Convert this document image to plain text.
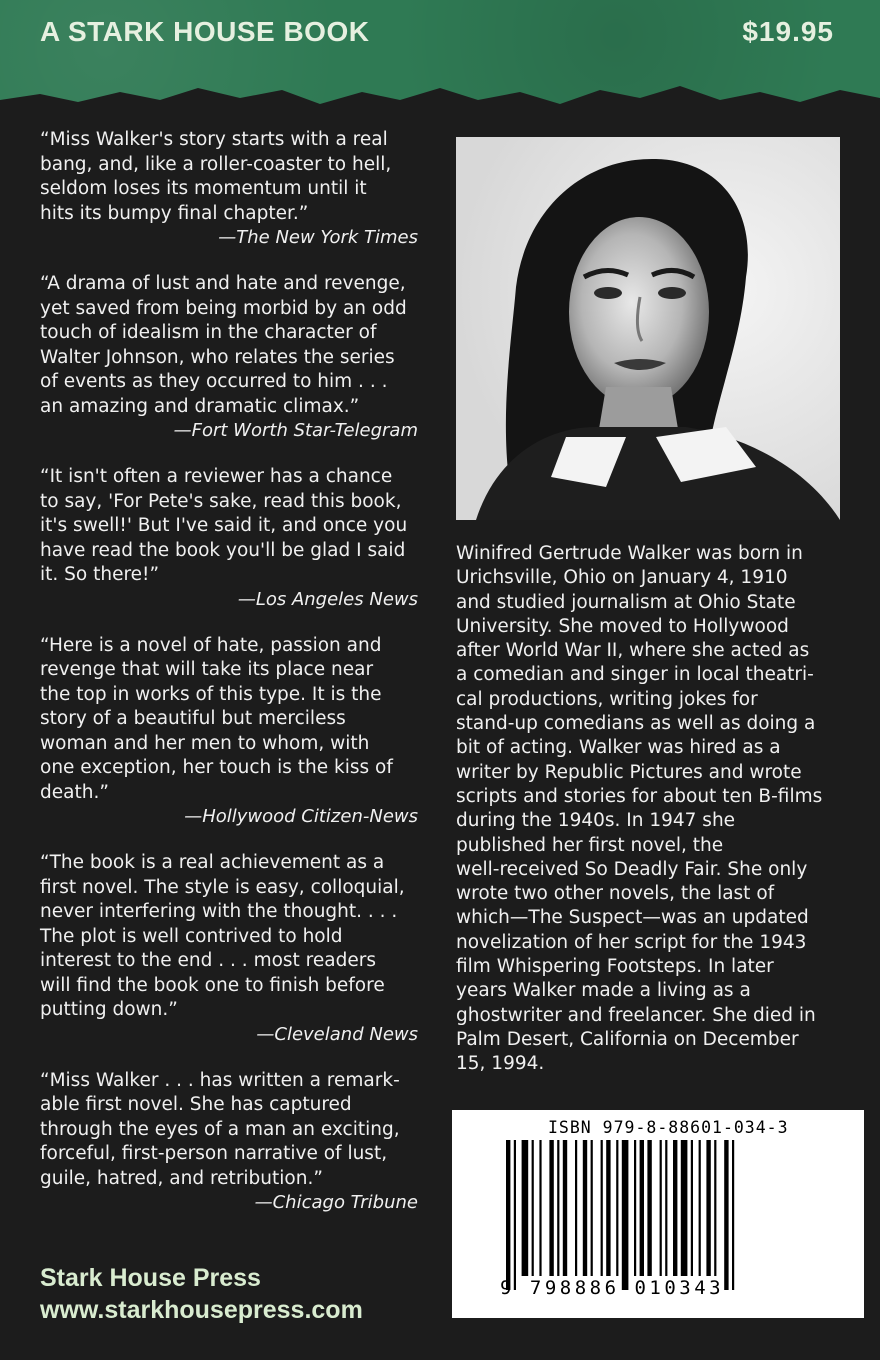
A STARK HOUSE BOOK	$19.95
“Miss Walker's story starts with a real
bang, and, like a roller-coaster to hell,
seldom loses its momentum until it
hits its bumpy final chapter.”
—The New York Times
“A drama of lust and hate and revenge,
yet saved from being morbid by an odd
touch of idealism in the character of
Walter Johnson, who relates the series
of events as they occurred to him . . .
an amazing and dramatic climax.”
—Fort Worth Star-Telegram
“It isn't often a reviewer has a chance
to say, 'For Pete's sake, read this book,
it's swell!' But I've said it, and once you
have read the book you'll be glad I said
it. So there!”
—Los Angeles News
“Here is a novel of hate, passion and
revenge that will take its place near
the top in works of this type. It is the
story of a beautiful but merciless
woman and her men to whom, with
one exception, her touch is the kiss of
death.”
—Hollywood Citizen-News
“The book is a real achievement as a
first novel. The style is easy, colloquial,
never interfering with the thought. . . .
The plot is well contrived to hold
interest to the end . . . most readers
will find the book one to finish before
putting down.”
—Cleveland News
“Miss Walker . . . has written a remark-
able first novel. She has captured
through the eyes of a man an exciting,
forceful, first-person narrative of lust,
guile, hatred, and retribution.”
—Chicago Tribune
Winifred Gertrude Walker was born in
Urichsville, Ohio on January 4, 1910
and studied journalism at Ohio State
University. She moved to Hollywood
after World War II, where she acted as
a comedian and singer in local theatri-
cal productions, writing jokes for
stand-up comedians as well as doing a
bit of acting. Walker was hired as a
writer by Republic Pictures and wrote
scripts and stories for about ten B-films
during the 1940s. In 1947 she
published her first novel, the
well-received So Deadly Fair. She only
wrote two other novels, the last of
which—The Suspect—was an updated
novelization of her script for the 1943
film Whispering Footsteps. In later
years Walker made a living as a
ghostwriter and freelancer. She died in
Palm Desert, California on December
15, 1994.
ISBN 979-8-88601-034-3
9 798886 010343
Stark House Press
www.starkhousepress.com
